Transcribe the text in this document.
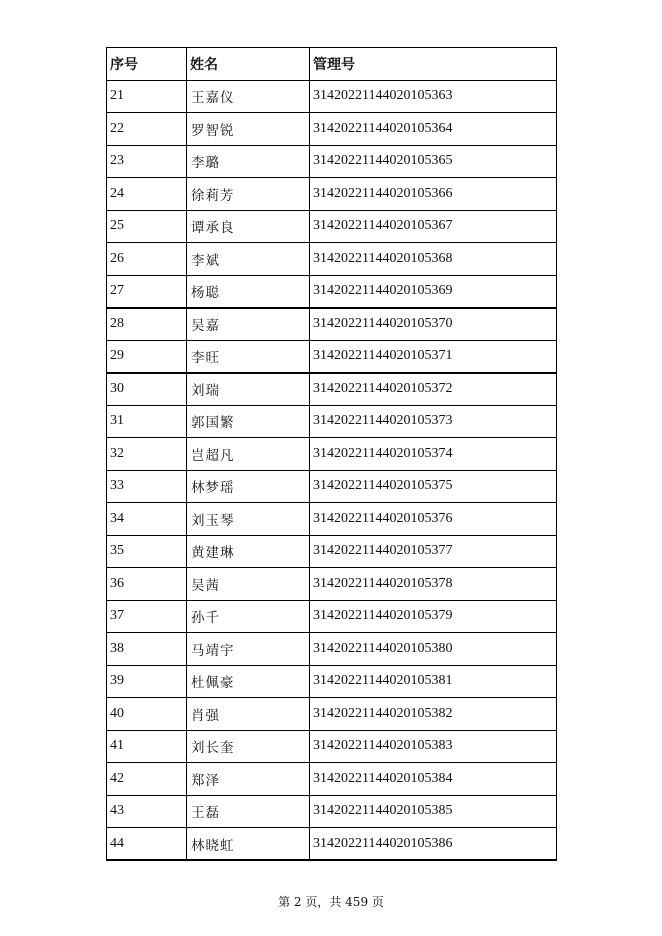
序号	姓名	管理号
21	王嘉仪	31420221144020105363
22	罗智锐	31420221144020105364
23	李璐	31420221144020105365
24	徐莉芳	31420221144020105366
25	谭承良	31420221144020105367
26	李斌	31420221144020105368
27	杨聪	31420221144020105369
28	吴嘉	31420221144020105370
29	李旺	31420221144020105371
30	刘瑞	31420221144020105372
31	郭国繁	31420221144020105373
32	岂超凡	31420221144020105374
33	林梦瑶	31420221144020105375
34	刘玉琴	31420221144020105376
35	黄建琳	31420221144020105377
36	吴茜	31420221144020105378
37	孙千	31420221144020105379
38	马靖宇	31420221144020105380
39	杜佩豪	31420221144020105381
40	肖强	31420221144020105382
41	刘长奎	31420221144020105383
42	郑泽	31420221144020105384
43	王磊	31420221144020105385
44	林晓虹	31420221144020105386
第 2 页，共 459 页
